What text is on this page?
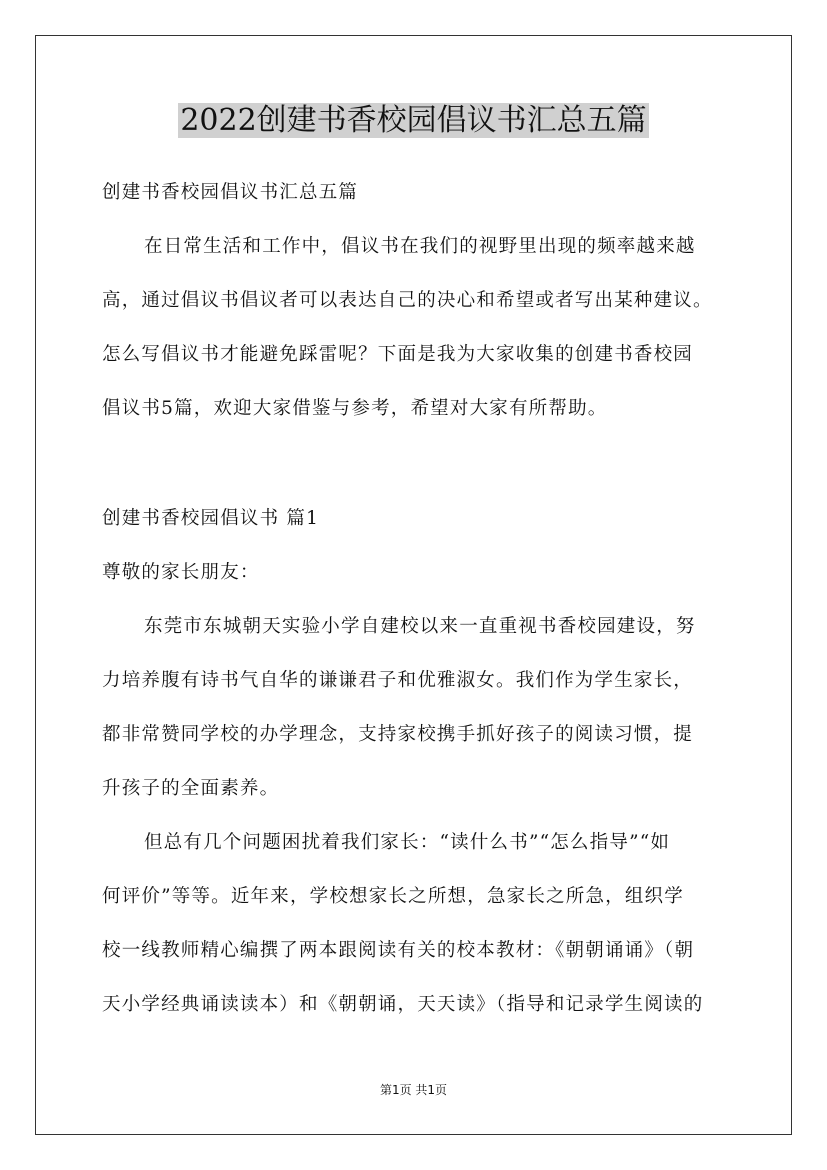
2022创建书香校园倡议书汇总五篇
创建书香校园倡议书汇总五篇
在日常生活和工作中，倡议书在我们的视野里出现的频率越来越
高，通过倡议书倡议者可以表达自己的决心和希望或者写出某种建议。
怎么写倡议书才能避免踩雷呢？下面是我为大家收集的创建书香校园
倡议书5篇，欢迎大家借鉴与参考，希望对大家有所帮助。
创建书香校园倡议书 篇1
尊敬的家长朋友：
东莞市东城朝天实验小学自建校以来一直重视书香校园建设，努
力培养腹有诗书气自华的谦谦君子和优雅淑女。我们作为学生家长，
都非常赞同学校的办学理念，支持家校携手抓好孩子的阅读习惯，提
升孩子的全面素养。
但总有几个问题困扰着我们家长：“读什么书”“怎么指导”“如
何评价”等等。近年来，学校想家长之所想，急家长之所急，组织学
校一线教师精心编撰了两本跟阅读有关的校本教材：《朝朝诵诵》（朝
天小学经典诵读读本）和《朝朝诵，天天读》（指导和记录学生阅读的
第1页 共1页
